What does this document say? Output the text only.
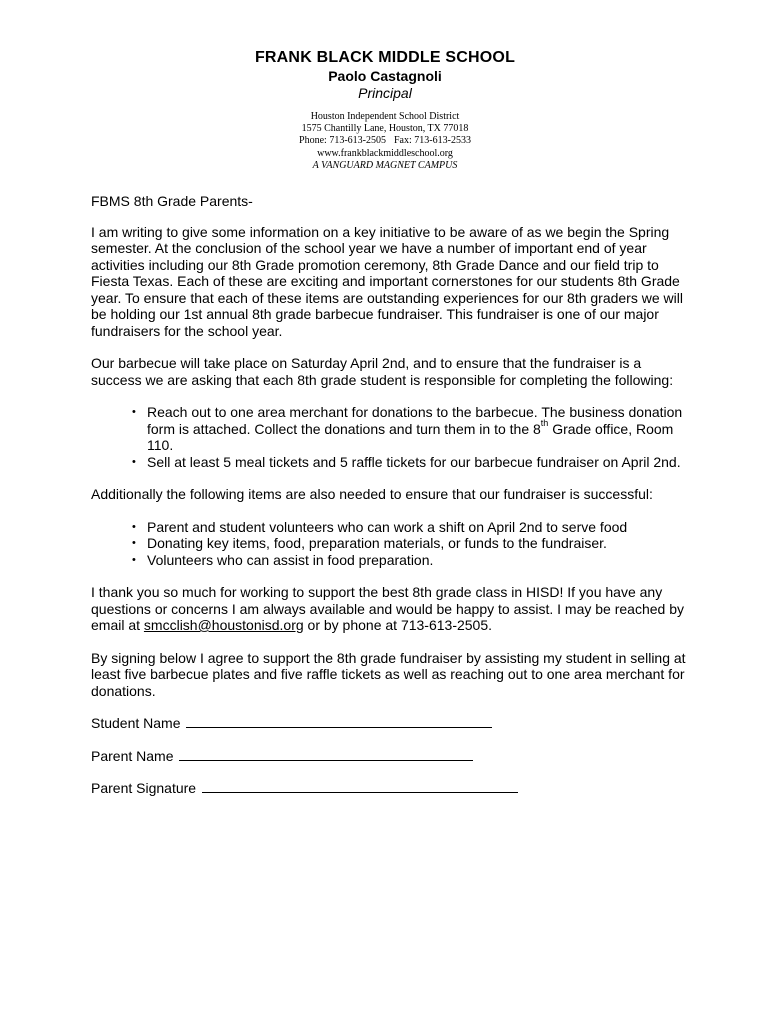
FRANK BLACK MIDDLE SCHOOL
Paolo Castagnoli
Principal
Houston Independent School District
1575 Chantilly Lane, Houston, TX 77018
Phone: 713-613-2505 Fax: 713-613-2533
www.frankblackmiddleschool.org
A VANGUARD MAGNET CAMPUS

FBMS 8th Grade Parents-

I am writing to give some information on a key initiative to be aware of as we begin the Spring semester. At the conclusion of the school year we have a number of important end of year activities including our 8th Grade promotion ceremony, 8th Grade Dance and our field trip to Fiesta Texas. Each of these are exciting and important cornerstones for our students 8th Grade year. To ensure that each of these items are outstanding experiences for our 8th graders we will be holding our 1st annual 8th grade barbecue fundraiser. This fundraiser is one of our major fundraisers for the school year.

Our barbecue will take place on Saturday April 2nd, and to ensure that the fundraiser is a success we are asking that each 8th grade student is responsible for completing the following:

• Reach out to one area merchant for donations to the barbecue. The business donation form is attached. Collect the donations and turn them in to the 8th Grade office, Room 110.
• Sell at least 5 meal tickets and 5 raffle tickets for our barbecue fundraiser on April 2nd.

Additionally the following items are also needed to ensure that our fundraiser is successful:

• Parent and student volunteers who can work a shift on April 2nd to serve food
• Donating key items, food, preparation materials, or funds to the fundraiser.
• Volunteers who can assist in food preparation.

I thank you so much for working to support the best 8th grade class in HISD! If you have any questions or concerns I am always available and would be happy to assist. I may be reached by email at smcclish@houstonisd.org or by phone at 713-613-2505.

By signing below I agree to support the 8th grade fundraiser by assisting my student in selling at least five barbecue plates and five raffle tickets as well as reaching out to one area merchant for donations.

Student Name
Parent Name
Parent Signature
